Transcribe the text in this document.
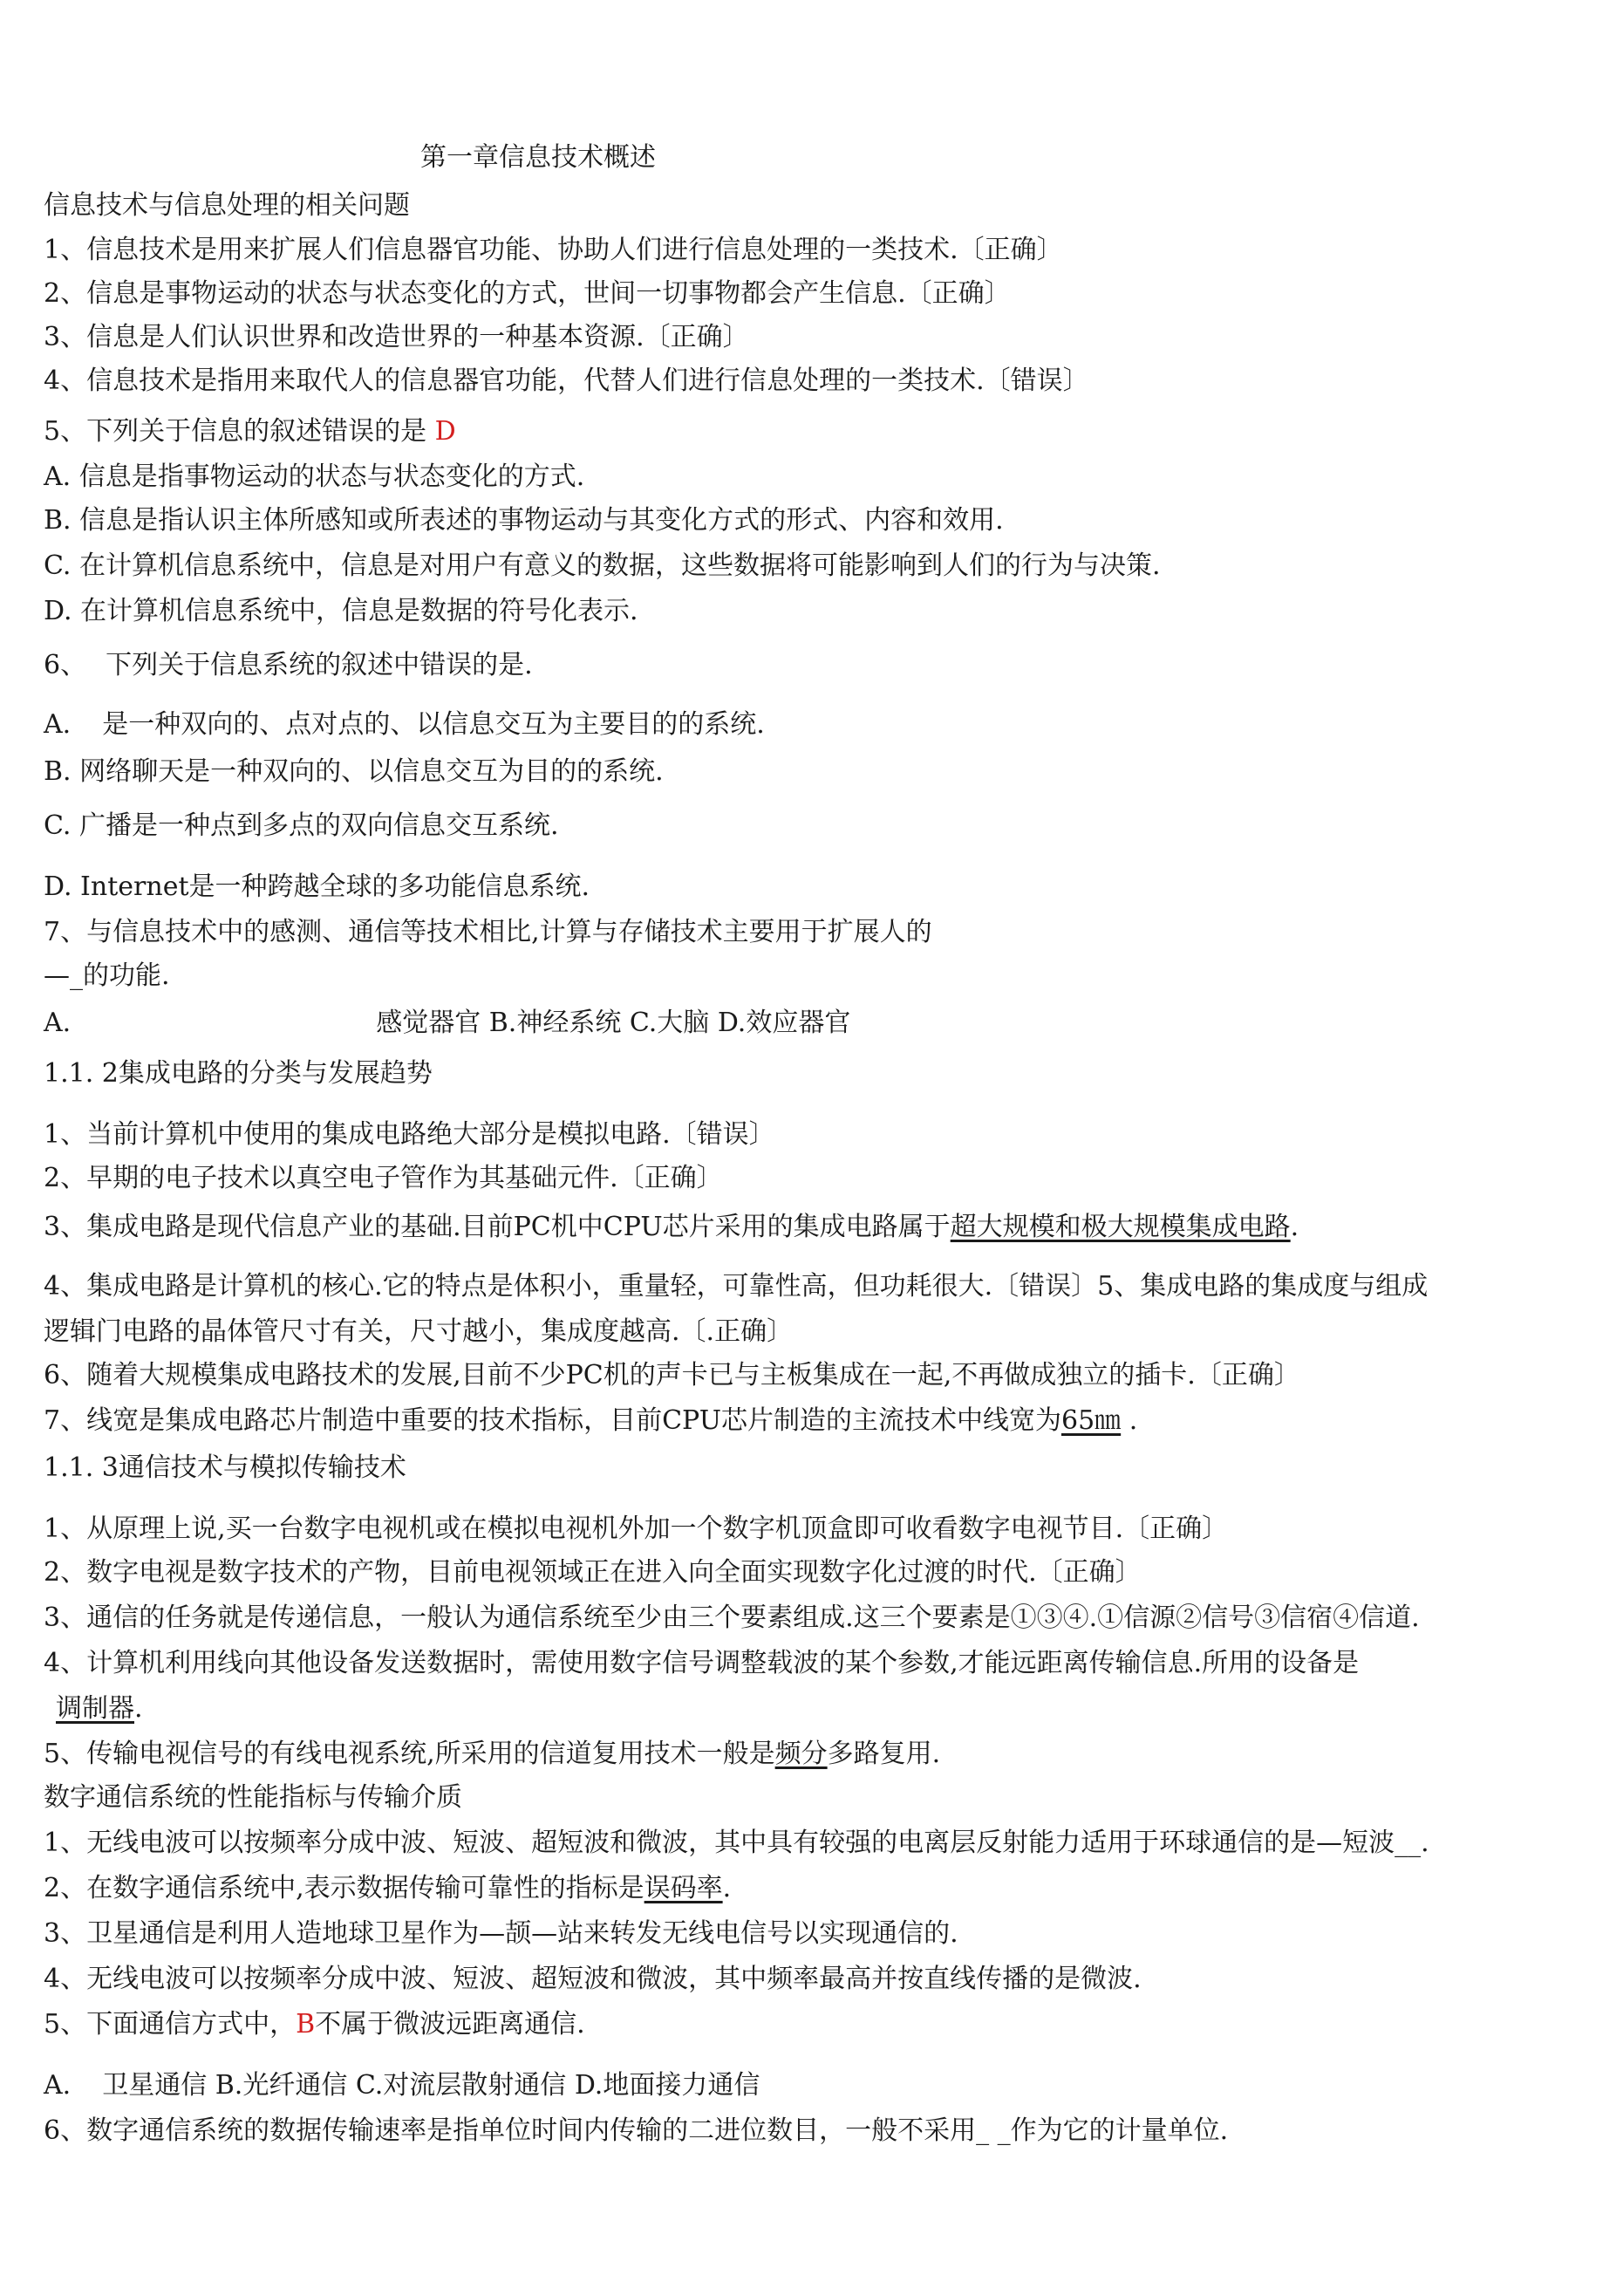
第一章信息技术概述
信息技术与信息处理的相关问题
1、信息技术是用来扩展人们信息器官功能、协助人们进行信息处理的一类技术.〔正确〕
2、信息是事物运动的状态与状态变化的方式，世间一切事物都会产生信息.〔正确〕
3、信息是人们认识世界和改造世界的一种基本资源.〔正确〕
4、信息技术是指用来取代人的信息器官功能，代替人们进行信息处理的一类技术.〔错误〕
5、下列关于信息的叙述错误的是 D
A. 信息是指事物运动的状态与状态变化的方式.
B. 信息是指认识主体所感知或所表述的事物运动与其变化方式的形式、内容和效用.
C. 在计算机信息系统中，信息是对用户有意义的数据，这些数据将可能影响到人们的行为与决策.
D. 在计算机信息系统中，信息是数据的符号化表示.
6、 下列关于信息系统的叙述中错误的是.
A. 是一种双向的、点对点的、以信息交互为主要目的的系统.
B. 网络聊天是一种双向的、以信息交互为目的的系统.
C. 广播是一种点到多点的双向信息交互系统.
D. Internet是一种跨越全球的多功能信息系统.
7、与信息技术中的感测、通信等技术相比,计算与存储技术主要用于扩展人的
—_的功能.
A.	感觉器官 B.神经系统 C.大脑 D.效应器官
1.1. 2集成电路的分类与发展趋势
1、当前计算机中使用的集成电路绝大部分是模拟电路.〔错误〕
2、早期的电子技术以真空电子管作为其基础元件.〔正确〕
3、集成电路是现代信息产业的基础.目前PC机中CPU芯片采用的集成电路属于超大规模和极大规模集成电路.
4、集成电路是计算机的核心.它的特点是体积小，重量轻，可靠性高，但功耗很大.〔错误〕5、集成电路的集成度与组成
逻辑门电路的晶体管尺寸有关，尺寸越小，集成度越高.〔.正确〕
6、随着大规模集成电路技术的发展,目前不少PC机的声卡已与主板集成在一起,不再做成独立的插卡.〔正确〕
7、线宽是集成电路芯片制造中重要的技术指标，目前CPU芯片制造的主流技术中线宽为65㎚ .
1.1. 3通信技术与模拟传输技术
1、从原理上说,买一台数字电视机或在模拟电视机外加一个数字机顶盒即可收看数字电视节目.〔正确〕
2、数字电视是数字技术的产物，目前电视领域正在进入向全面实现数字化过渡的时代.〔正确〕
3、通信的任务就是传递信息，一般认为通信系统至少由三个要素组成.这三个要素是①③④.①信源②信号③信宿④信道.
4、计算机利用线向其他设备发送数据时，需使用数字信号调整载波的某个参数,才能远距离传输信息.所用的设备是
调制器.
5、传输电视信号的有线电视系统,所采用的信道复用技术一般是频分多路复用.
数字通信系统的性能指标与传输介质
1、无线电波可以按频率分成中波、短波、超短波和微波，其中具有较强的电离层反射能力适用于环球通信的是—短波__.
2、在数字通信系统中,表示数据传输可靠性的指标是误码率.
3、卫星通信是利用人造地球卫星作为—颉—站来转发无线电信号以实现通信的.
4、无线电波可以按频率分成中波、短波、超短波和微波，其中频率最高并按直线传播的是微波.
5、下面通信方式中，B不属于微波远距离通信.
A. 卫星通信 B.光纤通信 C.对流层散射通信 D.地面接力通信
6、数字通信系统的数据传输速率是指单位时间内传输的二进位数目，一般不采用_ _作为它的计量单位.
